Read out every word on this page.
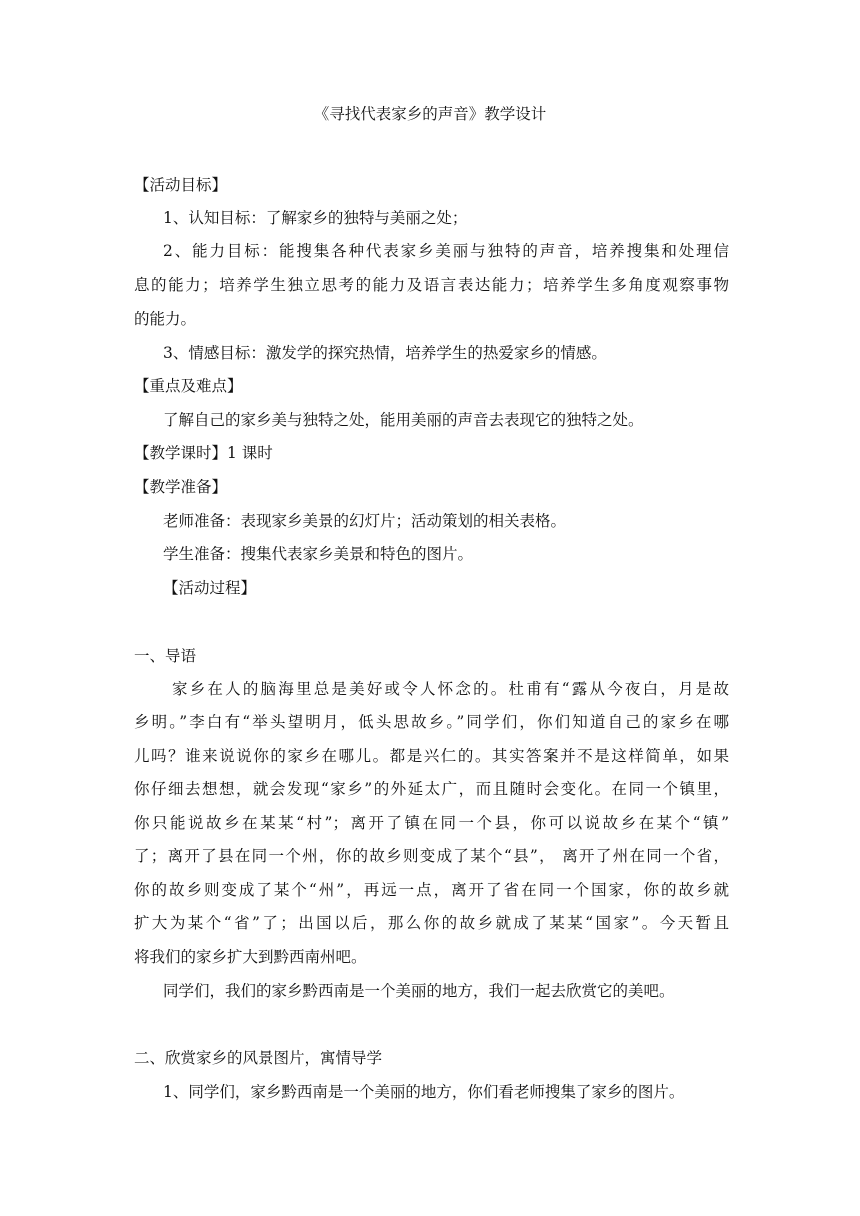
《寻找代表家乡的声音》教学设计
【活动目标】
1、认知目标：了解家乡的独特与美丽之处；
2、能力目标：能搜集各种代表家乡美丽与独特的声音，培养搜集和处理信
息的能力；培养学生独立思考的能力及语言表达能力；培养学生多角度观察事物
的能力。
3、情感目标：激发学的探究热情，培养学生的热爱家乡的情感。
【重点及难点】
了解自己的家乡美与独特之处，能用美丽的声音去表现它的独特之处。
【教学课时】1 课时
【教学准备】
老师准备：表现家乡美景的幻灯片；活动策划的相关表格。
学生准备：搜集代表家乡美景和特色的图片。
【活动过程】
一、导语
家乡在人的脑海里总是美好或令人怀念的。杜甫有“露从今夜白，月是故
乡明。”李白有“举头望明月，低头思故乡。”同学们，你们知道自己的家乡在哪
儿吗？谁来说说你的家乡在哪儿。都是兴仁的。其实答案并不是这样简单，如果
你仔细去想想，就会发现“家乡”的外延太广，而且随时会变化。在同一个镇里，
你只能说故乡在某某“村”；离开了镇在同一个县，你可以说故乡在某个“镇”
了；离开了县在同一个州，你的故乡则变成了某个“县”， 离开了州在同一个省，
你的故乡则变成了某个“州”，再远一点，离开了省在同一个国家，你的故乡就
扩大为某个“省”了；出国以后，那么你的故乡就成了某某“国家”。今天暂且
将我们的家乡扩大到黔西南州吧。
同学们，我们的家乡黔西南是一个美丽的地方，我们一起去欣赏它的美吧。
二、欣赏家乡的风景图片，寓情导学
1、同学们，家乡黔西南是一个美丽的地方，你们看老师搜集了家乡的图片。
